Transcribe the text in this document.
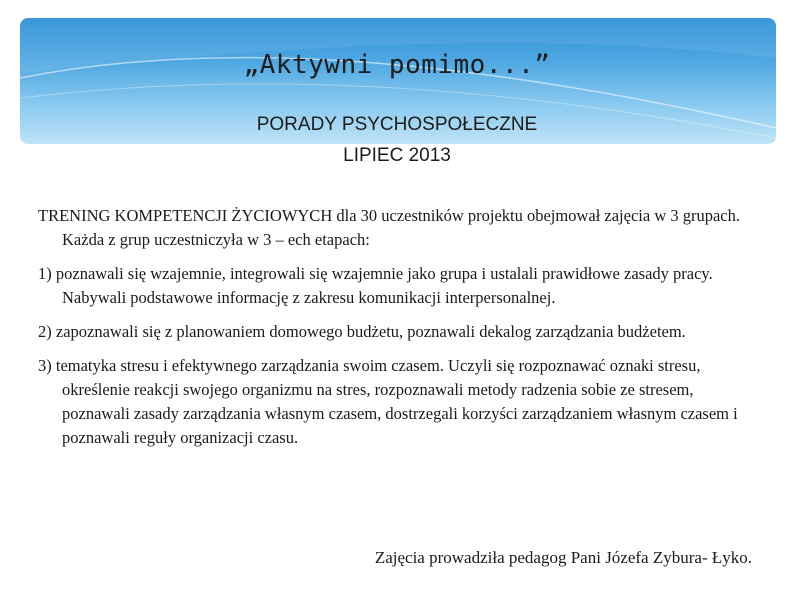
„Aktywni pomimo...”
PORADY PSYCHOSPOŁECZNE
LIPIEC 2013

TRENING KOMPETENCJI ŻYCIOWYCH dla 30 uczestników projektu obejmował zajęcia w 3 grupach. Każda z grup uczestniczyła w 3 – ech etapach:

1) poznawali się wzajemnie, integrowali się wzajemnie jako grupa i ustalali prawidłowe zasady pracy. Nabywali podstawowe informację z zakresu komunikacji interpersonalnej.

2) zapoznawali się z planowaniem domowego budżetu, poznawali dekalog zarządzania budżetem.

3) tematyka stresu i efektywnego zarządzania swoim czasem. Uczyli się rozpoznawać oznaki stresu, określenie reakcji swojego organizmu na stres, rozpoznawali metody radzenia sobie ze stresem, poznawali zasady zarządzania własnym czasem, dostrzegali korzyści zarządzaniem własnym czasem i poznawali reguły organizacji czasu.

Zajęcia prowadziła pedagog Pani Józefa Zybura- Łyko.
